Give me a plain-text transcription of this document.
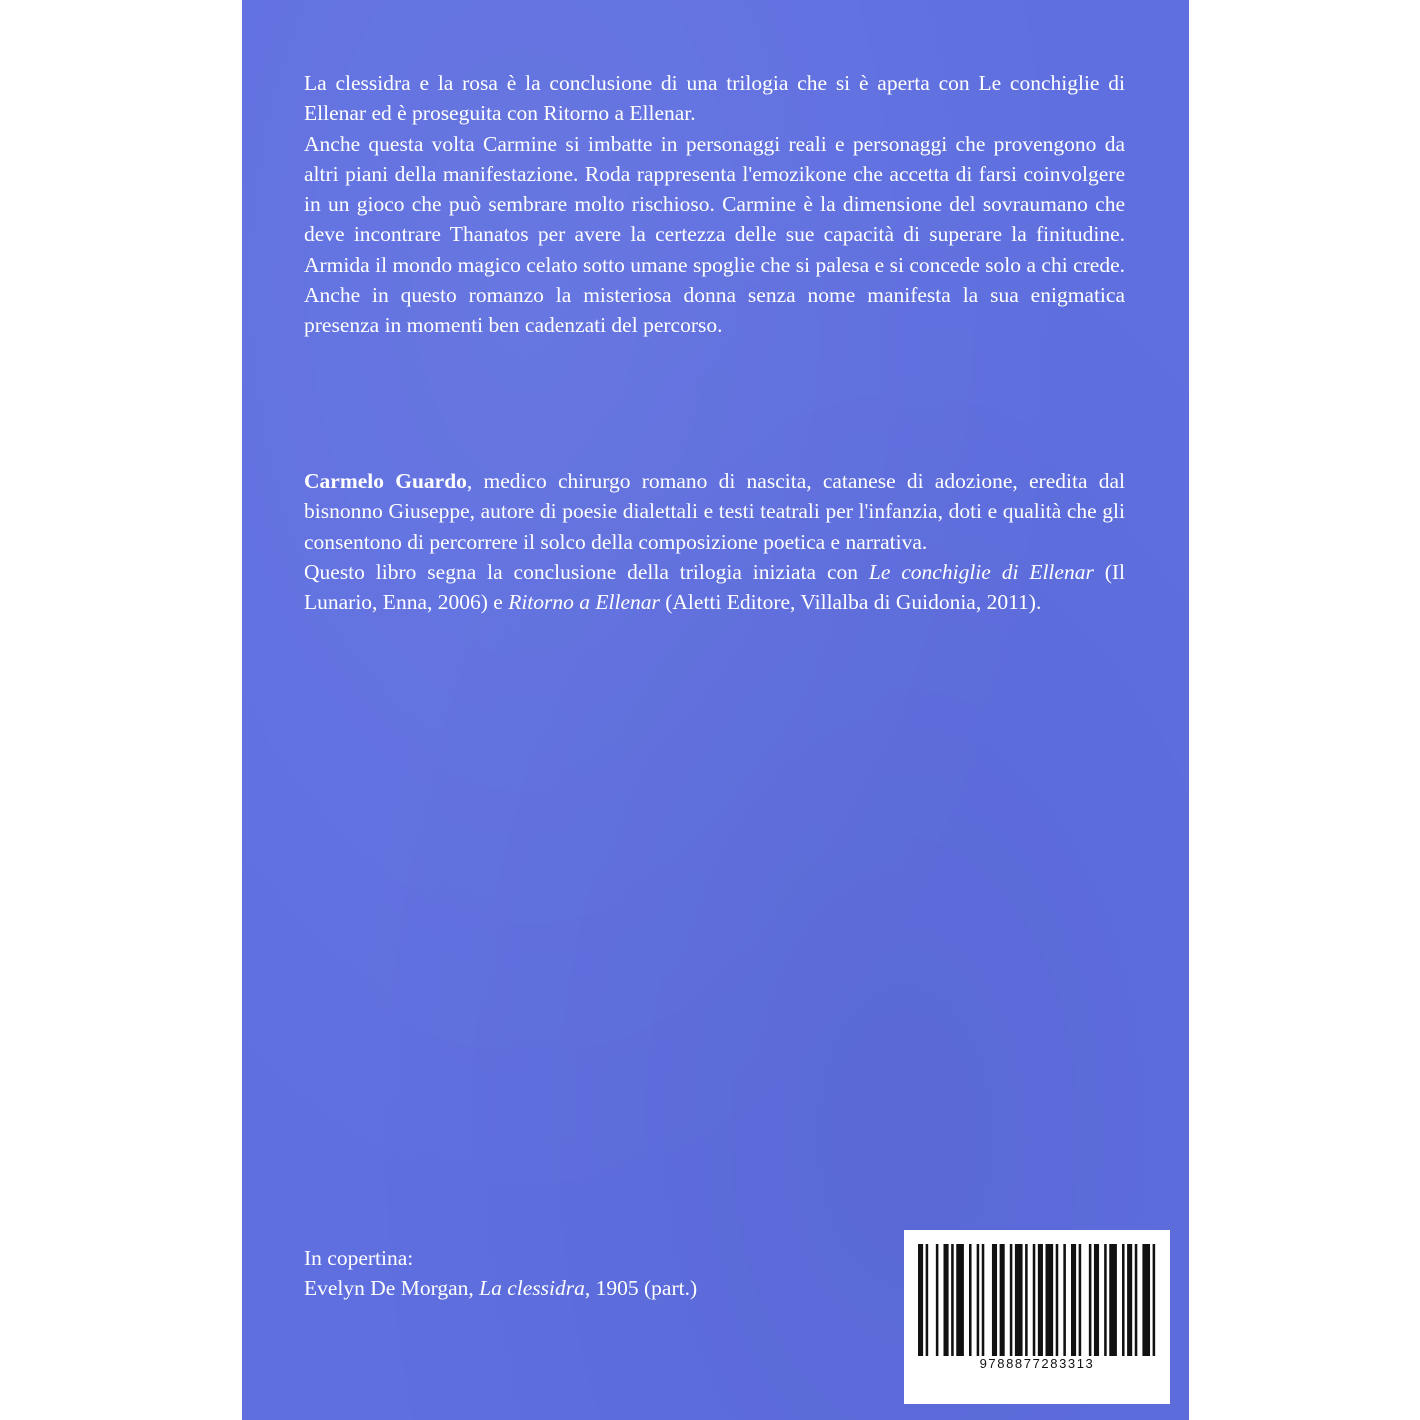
La clessidra e la rosa è la conclusione di una trilogia che si è aperta con Le conchiglie di Ellenar ed è proseguita con Ritorno a Ellenar.

Anche questa volta Carmine si imbatte in personaggi reali e personaggi che provengono da altri piani della manifestazione. Roda rappresenta l'emozikone che accetta di farsi coinvolgere in un gioco che può sembrare molto rischioso. Carmine è la dimensione del sovraumano che deve incontrare Thanatos per avere la certezza delle sue capacità di superare la finitudine. Armida il mondo magico celato sotto umane spoglie che si palesa e si concede solo a chi crede. Anche in questo romanzo la misteriosa donna senza nome manifesta la sua enigmatica presenza in momenti ben cadenzati del percorso.

Carmelo Guardo, medico chirurgo romano di nascita, catanese di adozione, eredita dal bisnonno Giuseppe, autore di poesie dialettali e testi teatrali per l'infanzia, doti e qualità che gli consentono di percorrere il solco della composizione poetica e narrativa.

Questo libro segna la conclusione della trilogia iniziata con Le conchiglie di Ellenar (Il Lunario, Enna, 2006) e Ritorno a Ellenar (Aletti Editore, Villalba di Guidonia, 2011).

In copertina:

Evelyn De Morgan, La clessidra, 1905 (part.)

9788877283313
